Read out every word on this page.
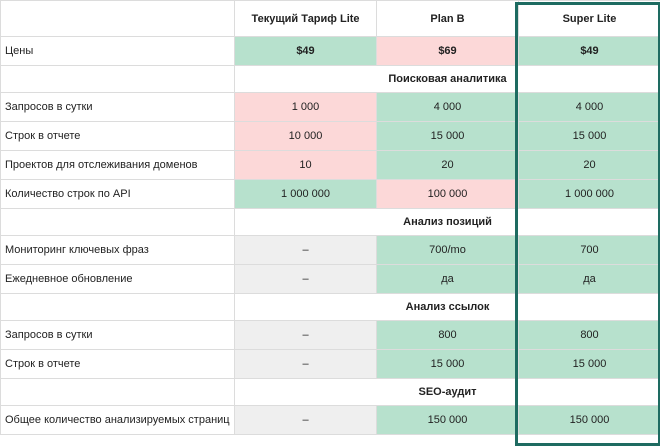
	Текущий Тариф Lite	Plan B	Super Lite
Цены	$49	$69	$49
	Поисковая аналитика		
Запросов в сутки	1 000	4 000	4 000
Строк в отчете	10 000	15 000	15 000
Проектов для отслеживания доменов	10	20	20
Количество строк по API	1 000 000	100 000	1 000 000
	Анализ позиций		
Мониторинг ключевых фраз	–	700/mo	700
Ежедневное обновление	–	да	да
	Анализ ссылок		
Запросов в сутки	–	800	800
Строк в отчете	–	15 000	15 000
	SEO-аудит		
Общее количество анализируемых страниц	–	150 000	150 000
